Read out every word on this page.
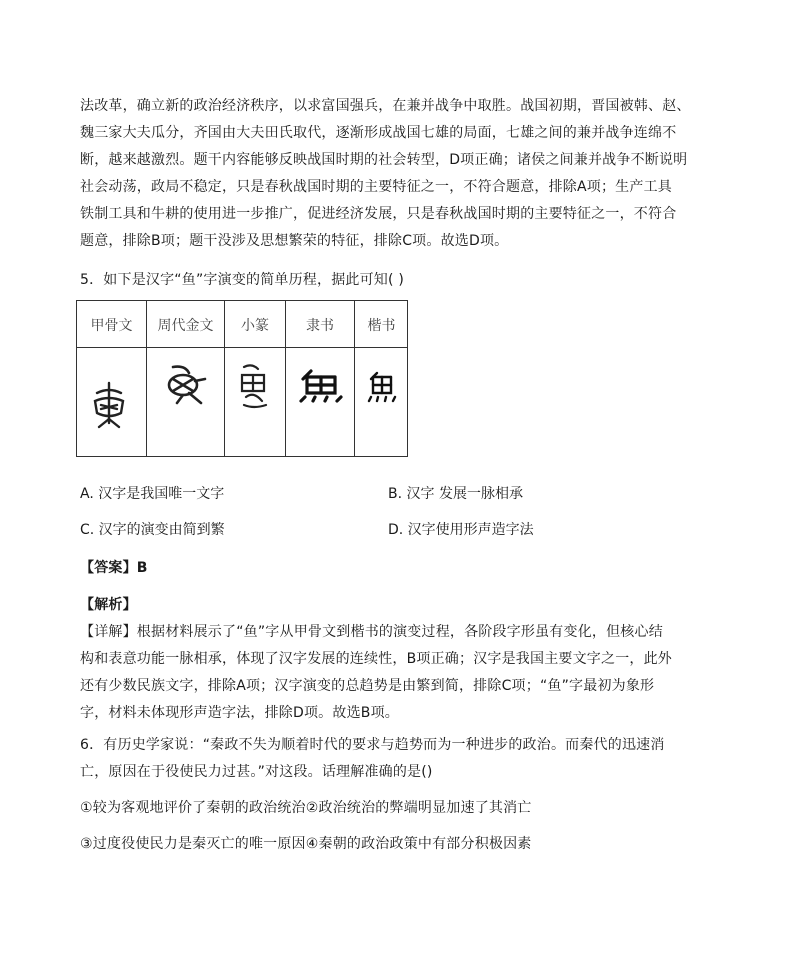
法改革，确立新的政治经济秩序，以求富国强兵，在兼并战争中取胜。战国初期，晋国被韩、赵、
魏三家大夫瓜分，齐国由大夫田氏取代，逐渐形成战国七雄的局面，七雄之间的兼并战争连绵不
断，越来越激烈。题干内容能够反映战国时期的社会转型，D项正确；诸侯之间兼并战争不断说明
社会动荡，政局不稳定，只是春秋战国时期的主要特征之一，不符合题意，排除A项；生产工具
铁制工具和牛耕的使用进一步推广，促进经济发展，只是春秋战国时期的主要特征之一，不符合
题意，排除B项；题干没涉及思想繁荣的特征，排除C项。故选D项。
5．如下是汉字“鱼”字演变的简单历程，据此可知( )
甲骨文	周代金文	小篆	隶书	楷书
A. 汉字是我国唯一文字	B. 汉字 发展一脉相承
C. 汉字的演变由简到繁	D. 汉字使用形声造字法
【答案】B
【解析】
【详解】根据材料展示了“鱼”字从甲骨文到楷书的演变过程，各阶段字形虽有变化，但核心结
构和表意功能一脉相承，体现了汉字发展的连续性，B项正确；汉字是我国主要文字之一，此外
还有少数民族文字，排除A项；汉字演变的总趋势是由繁到简，排除C项；“鱼”字最初为象形
字，材料未体现形声造字法，排除D项。故选B项。
6．有历史学家说：“秦政不失为顺着时代的要求与趋势而为一种进步的政治。而秦代的迅速消
亡，原因在于役使民力过甚。”对这段。话理解准确的是()
①较为客观地评价了秦朝的政治统治②政治统治的弊端明显加速了其消亡
③过度役使民力是秦灭亡的唯一原因④秦朝的政治政策中有部分积极因素
